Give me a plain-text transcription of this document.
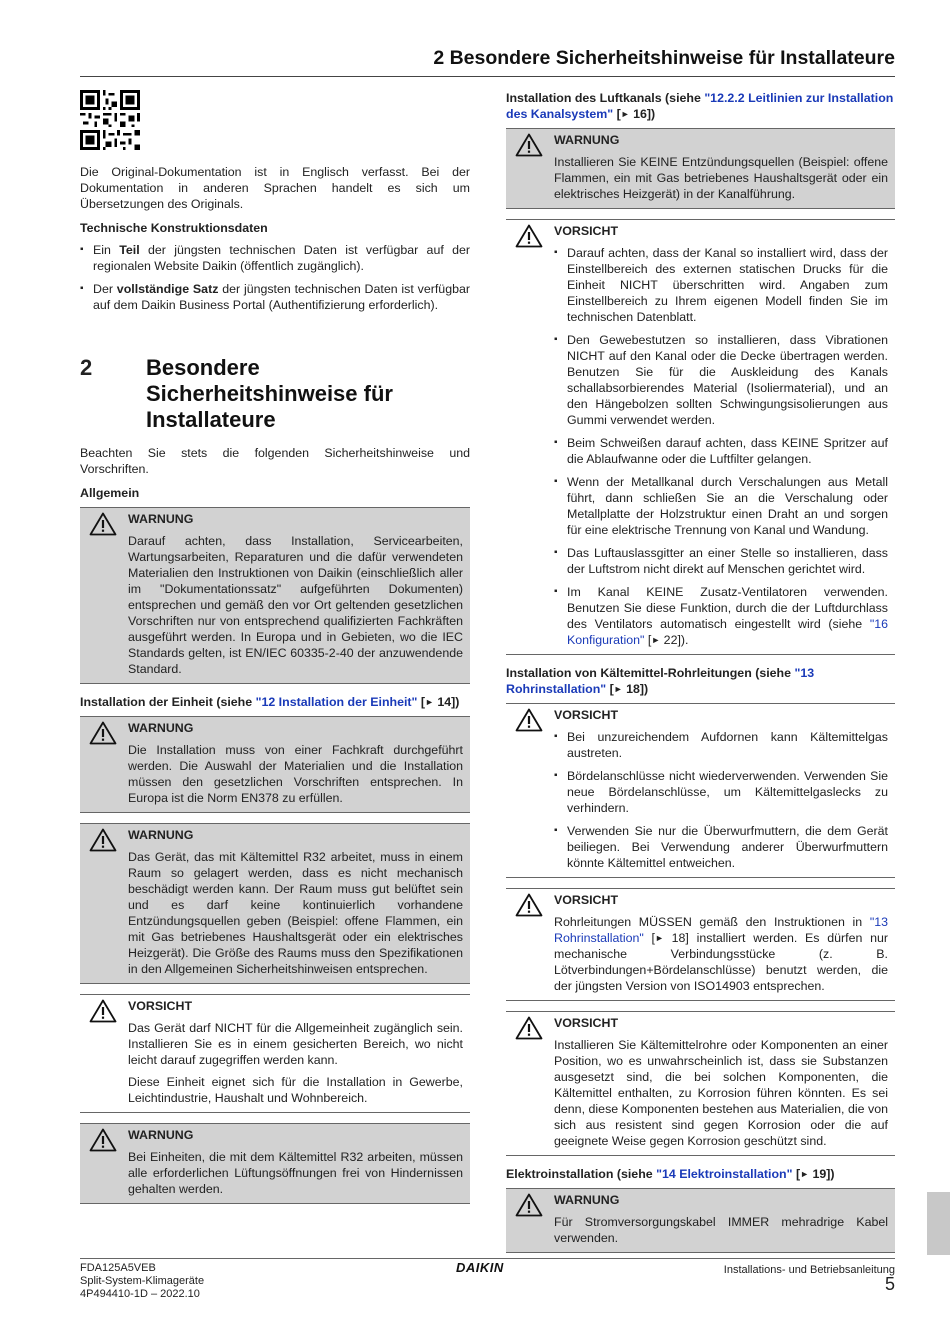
2 Besondere Sicherheitshinweise für Installateure

Die Original-Dokumentation ist in Englisch verfasst. Bei der Dokumentation in anderen Sprachen handelt es sich um Übersetzungen des Originals.

Technische Konstruktionsdaten
▪ Ein Teil der jüngsten technischen Daten ist verfügbar auf der regionalen Website Daikin (öffentlich zugänglich).
▪ Der vollständige Satz der jüngsten technischen Daten ist verfügbar auf dem Daikin Business Portal (Authentifizierung erforderlich).
2 Besondere Sicherheitshinweise für Installateure

Beachten Sie stets die folgenden Sicherheitshinweise und Vorschriften.

Allgemein
WARNUNG

Darauf achten, dass Installation, Servicearbeiten, Wartungsarbeiten, Reparaturen und die dafür verwendeten Materialien den Instruktionen von Daikin (einschließlich aller im "Dokumentationssatz" aufgeführten Dokumenten) entsprechen und gemäß den vor Ort geltenden gesetzlichen Vorschriften nur von entsprechend qualifizierten Fachkräften ausgeführt werden. In Europa und in Gebieten, wo die IEC Standards gelten, ist EN/IEC 60335-2-40 der anzuwendende Standard.

Installation der Einheit (siehe "12 Installation der Einheit" [► 14])
WARNUNG

Die Installation muss von einer Fachkraft durchgeführt werden. Die Auswahl der Materialien und die Installation müssen den gesetzlichen Vorschriften entsprechen. In Europa ist die Norm EN378 zu erfüllen.

WARNUNG

Das Gerät, das mit Kältemittel R32 arbeitet, muss in einem Raum so gelagert werden, dass es nicht mechanisch beschädigt werden kann. Der Raum muss gut belüftet sein und es darf keine kontinuierlich vorhandene Entzündungsquellen geben (Beispiel: offene Flammen, ein mit Gas betriebenes Haushaltsgerät oder ein elektrisches Heizgerät). Die Größe des Raums muss den Spezifikationen in den Allgemeinen Sicherheitshinweisen entsprechen.

VORSICHT

Das Gerät darf NICHT für die Allgemeinheit zugänglich sein. Installieren Sie es in einem gesicherten Bereich, wo nicht leicht darauf zugegriffen werden kann.

Diese Einheit eignet sich für die Installation in Gewerbe, Leichtindustrie, Haushalt und Wohnbereich.

WARNUNG

Bei Einheiten, die mit dem Kältemittel R32 arbeiten, müssen alle erforderlichen Lüftungsöffnungen frei von Hindernissen gehalten werden.

Installation des Luftkanals (siehe "12.2.2 Leitlinien zur Installation des Kanalsystem" [► 16])
WARNUNG

Installieren Sie KEINE Entzündungsquellen (Beispiel: offene Flammen, ein mit Gas betriebenes Haushaltsgerät oder ein elektrisches Heizgerät) in der Kanalführung.

VORSICHT
▪ Darauf achten, dass der Kanal so installiert wird, dass der Einstellbereich des externen statischen Drucks für die Einheit NICHT überschritten wird. Angaben zum Einstellbereich zu Ihrem eigenen Modell finden Sie im technischen Datenblatt.
▪ Den Gewebestutzen so installieren, dass Vibrationen NICHT auf den Kanal oder die Decke übertragen werden. Benutzen Sie für die Auskleidung des Kanals schallabsorbierendes Material (Isoliermaterial), und an den Hängebolzen sollten Schwingungsisolierungen aus Gummi verwendet werden.
▪ Beim Schweißen darauf achten, dass KEINE Spritzer auf die Ablaufwanne oder die Luftfilter gelangen.
▪ Wenn der Metallkanal durch Verschalungen aus Metall führt, dann schließen Sie an die Verschalung oder Metallplatte der Holzstruktur einen Draht an und sorgen für eine elektrische Trennung von Kanal und Wandung.
▪ Das Luftauslassgitter an einer Stelle so installieren, dass der Luftstrom nicht direkt auf Menschen gerichtet wird.
▪ Im Kanal KEINE Zusatz-Ventilatoren verwenden. Benutzen Sie diese Funktion, durch die der Luftdurchlass des Ventilators automatisch eingestellt wird (siehe "16 Konfiguration" [► 22]).
Installation von Kältemittel-Rohrleitungen (siehe "13 Rohrinstallation" [► 18])
VORSICHT
▪ Bei unzureichendem Aufdornen kann Kältemittelgas austreten.
▪ Bördelanschlüsse nicht wiederverwenden. Verwenden Sie neue Bördelanschlüsse, um Kältemittelgaslecks zu verhindern.
▪ Verwenden Sie nur die Überwurfmuttern, die dem Gerät beiliegen. Bei Verwendung anderer Überwurfmuttern könnte Kältemittel entweichen.
VORSICHT

Rohrleitungen MÜSSEN gemäß den Instruktionen in "13 Rohrinstallation" [► 18] installiert werden. Es dürfen nur mechanische Verbindungsstücke (z. B. Lötverbindungen+Bördelanschlüsse) benutzt werden, die der jüngsten Version von ISO14903 entsprechen.

VORSICHT

Installieren Sie Kältemittelrohre oder Komponenten an einer Position, wo es unwahrscheinlich ist, dass sie Substanzen ausgesetzt sind, die bei solchen Komponenten, die Kältemittel enthalten, zu Korrosion führen könnten. Es sei denn, diese Komponenten bestehen aus Materialien, die von sich aus resistent sind gegen Korrosion oder die auf geeignete Weise gegen Korrosion geschützt sind.

Elektroinstallation (siehe "14 Elektroinstallation" [► 19])
WARNUNG

Für Stromversorgungskabel IMMER mehradrige Kabel verwenden.

FDA125A5VEB
Split-System-Klimageräte
4P494410-1D – 2022.10
DAIKIN	Installations- und Betriebsanleitung
5
